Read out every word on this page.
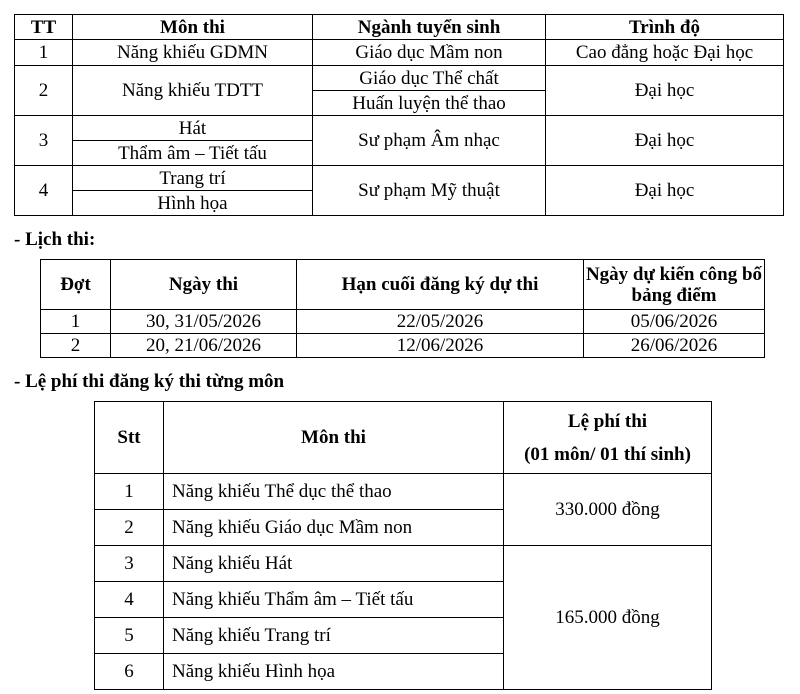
TT	Môn thi	Ngành tuyển sinh	Trình độ
1	Năng khiếu GDMN	Giáo dục Mầm non	Cao đẳng hoặc Đại học
2	Năng khiếu TDTT	Giáo dục Thể chất	Đại học
		Huấn luyện thể thao	
3	Hát	Sư phạm Âm nhạc	Đại học
	Thẩm âm – Tiết tấu		
4	Trang trí	Sư phạm Mỹ thuật	Đại học
	Hình họa		
- Lịch thi:
Đợt	Ngày thi	Hạn cuối đăng ký dự thi	Ngày dự kiến công bố bảng điểm
1	30, 31/05/2026	22/05/2026	05/06/2026
2	20, 21/06/2026	12/06/2026	26/06/2026
- Lệ phí thi đăng ký thi từng môn
Stt	Môn thi	Lệ phí thi
(01 môn/ 01 thí sinh)

1	Năng khiếu Thể dục thể thao	330.000 đồng
2	Năng khiếu Giáo dục Mầm non	
3	Năng khiếu Hát	165.000 đồng
4	Năng khiếu Thẩm âm – Tiết tấu	
5	Năng khiếu Trang trí	
6	Năng khiếu Hình họa	
